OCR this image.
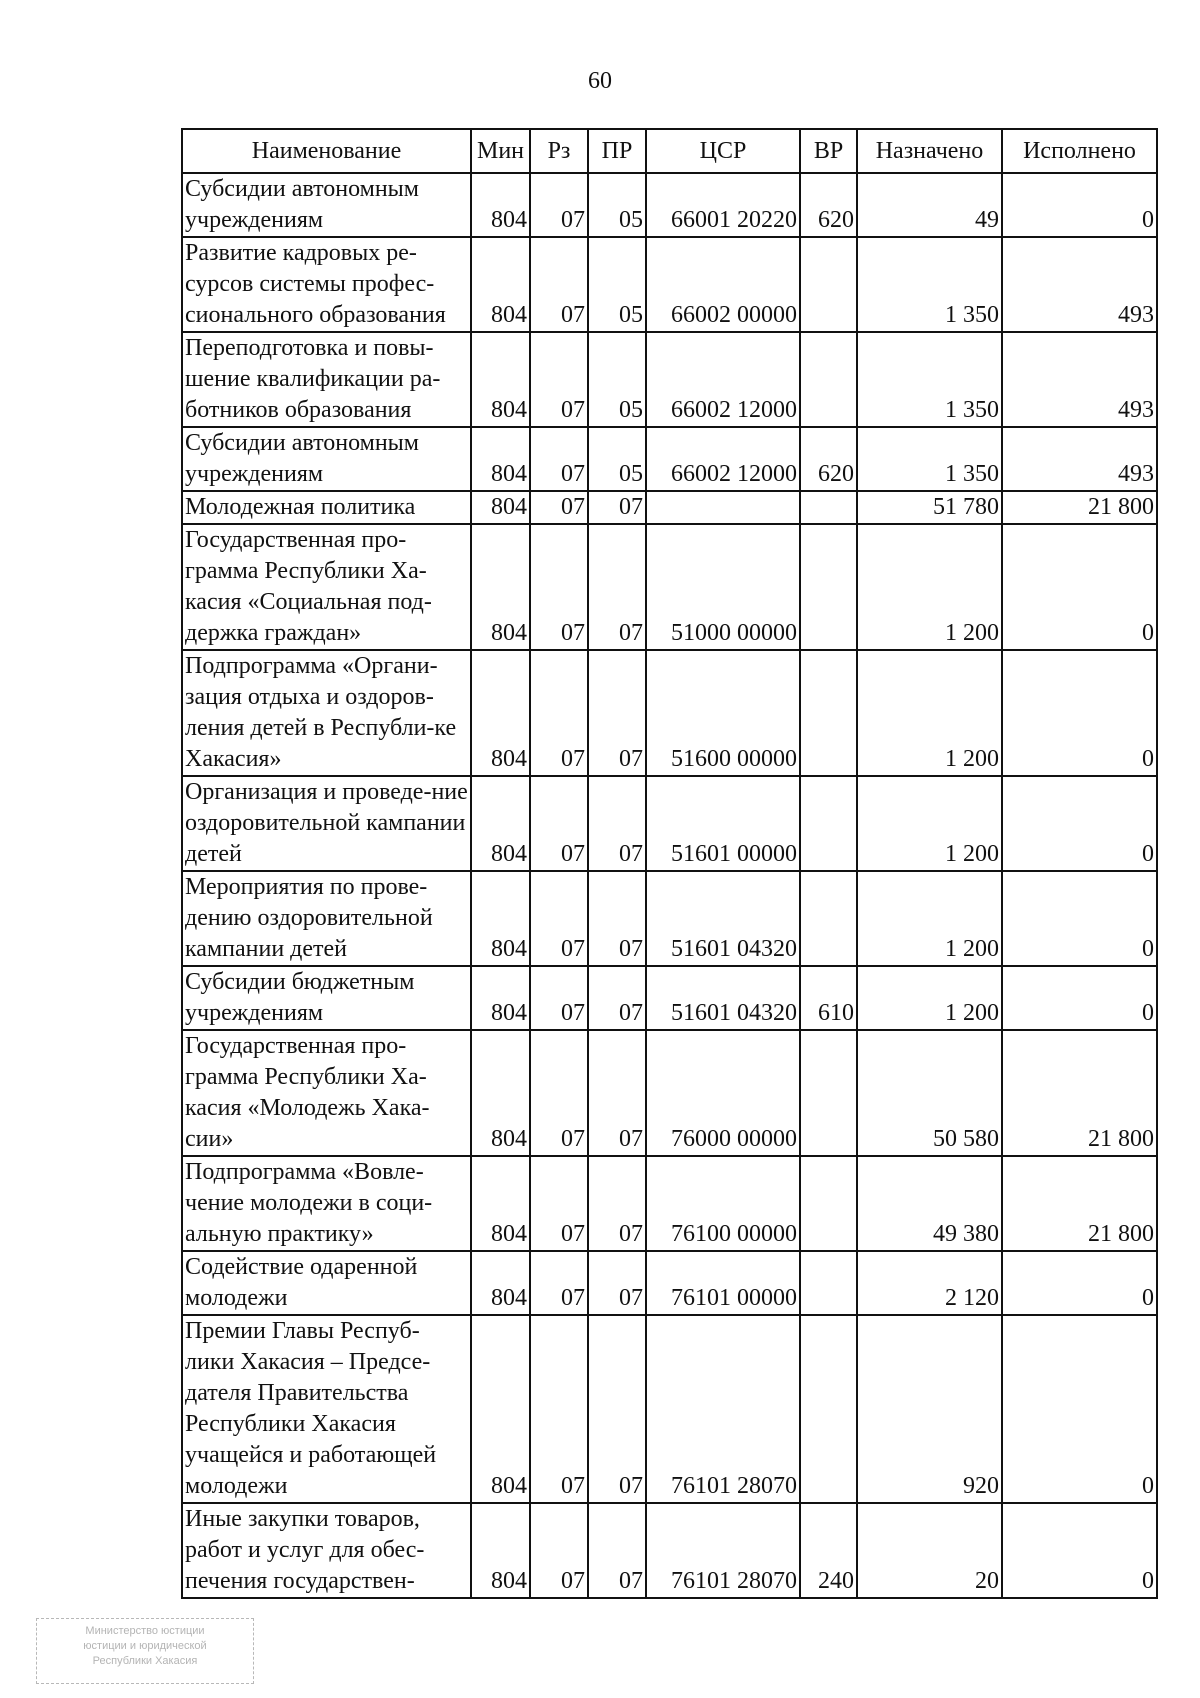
60
Наименование	Мин	Рз	ПР	ЦСР	ВР	Назначено	Исполнено
Субсидии автономным учреждениям	804	07	05	66001 20220	620	49	0
Развитие кадровых ре-сурсов системы профес-сионального образования	804	07	05	66002 00000		1 350	493
Переподготовка и повы-шение квалификации ра-ботников образования	804	07	05	66002 12000		1 350	493
Субсидии автономным учреждениям	804	07	05	66002 12000	620	1 350	493
Молодежная политика	804	07	07			51 780	21 800
Государственная про-грамма Республики Ха-касия «Социальная под-держка граждан»	804	07	07	51000 00000		1 200	0
Подпрограмма «Органи-зация отдыха и оздоров-ления детей в Республи-ке Хакасия»	804	07	07	51600 00000		1 200	0
Организация и проведе-ние оздоровительной кампании детей	804	07	07	51601 00000		1 200	0
Мероприятия по прове-дению оздоровительной кампании детей	804	07	07	51601 04320		1 200	0
Субсидии бюджетным учреждениям	804	07	07	51601 04320	610	1 200	0
Государственная про-грамма Республики Ха-касия «Молодежь Хака-сии»	804	07	07	76000 00000		50 580	21 800
Подпрограмма «Вовле-чение молодежи в соци-альную практику»	804	07	07	76100 00000		49 380	21 800
Содействие одаренной молодежи	804	07	07	76101 00000		2 120	0
Премии Главы Респуб-лики Хакасия – Предсе-дателя Правительства Республики Хакасия учащейся и работающей молодежи	804	07	07	76101 28070		920	0
Иные закупки товаров, работ и услуг для обес-печения государствен-	804	07	07	76101 28070	240	20	0
Министерство юстиции
юстиции и юридической
Республики Хакасия
